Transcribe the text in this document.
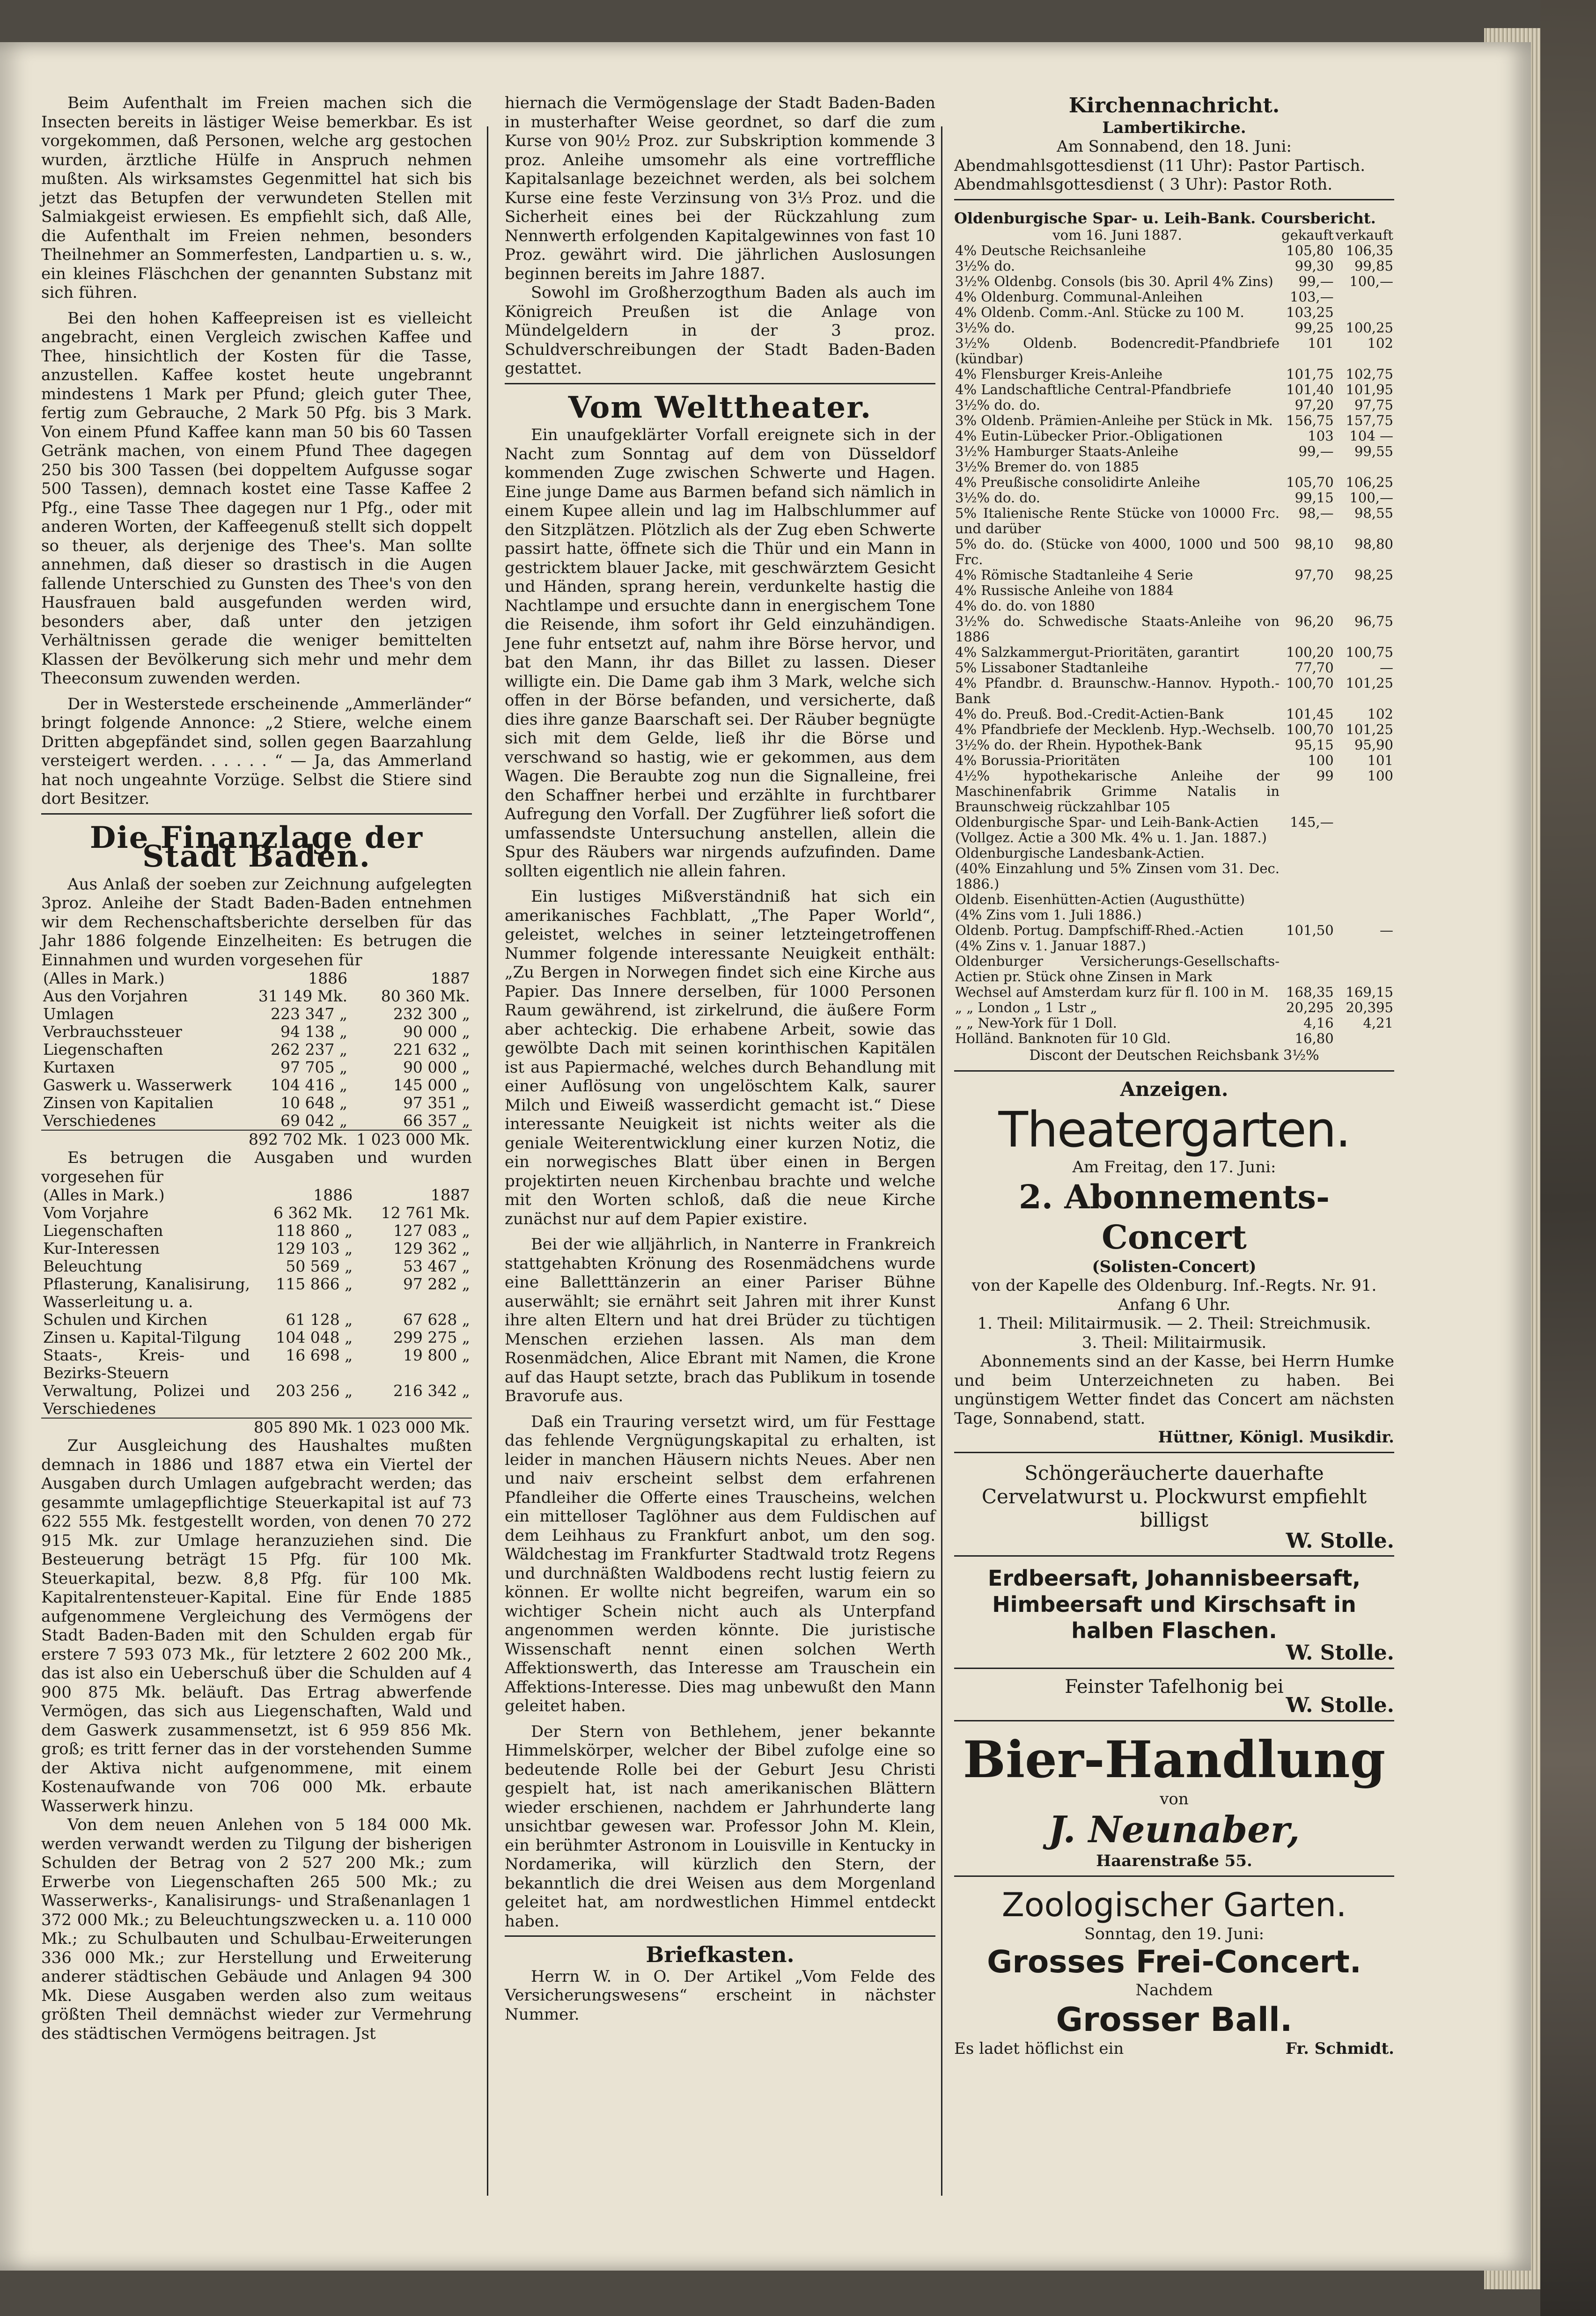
Beim Aufenthalt im Freien machen sich die Insecten bereits in lästiger Weise bemerkbar. Es ist vorgekommen, daß Personen, welche arg gestochen wurden, ärztliche Hülfe in Anspruch nehmen mußten. Als wirksamstes Gegenmittel hat sich bis jetzt das Betupfen der verwundeten Stellen mit Salmiakgeist erwiesen. Es empfiehlt sich, daß Alle, die Aufenthalt im Freien nehmen, besonders Theilnehmer an Sommerfesten, Landpartien u. s. w., ein kleines Fläschchen der genannten Substanz mit sich führen.

Bei den hohen Kaffeepreisen ist es vielleicht angebracht, einen Vergleich zwischen Kaffee und Thee, hinsichtlich der Kosten für die Tasse, anzustellen. Kaffee kostet heute ungebrannt mindestens 1 Mark per Pfund; gleich guter Thee, fertig zum Gebrauche, 2 Mark 50 Pfg. bis 3 Mark. Von einem Pfund Kaffee kann man 50 bis 60 Tassen Getränk machen, von einem Pfund Thee dagegen 250 bis 300 Tassen (bei doppeltem Aufgusse sogar 500 Tassen), demnach kostet eine Tasse Kaffee 2 Pfg., eine Tasse Thee dagegen nur 1 Pfg., oder mit anderen Worten, der Kaffeegenuß stellt sich doppelt so theuer, als derjenige des Thee's. Man sollte annehmen, daß dieser so drastisch in die Augen fallende Unterschied zu Gunsten des Thee's von den Hausfrauen bald ausgefunden werden wird, besonders aber, daß unter den jetzigen Verhältnissen gerade die weniger bemittelten Klassen der Bevölkerung sich mehr und mehr dem Theeconsum zuwenden werden.

Der in Westerstede erscheinende „Ammerländer“ bringt folgende Annonce: „2 Stiere, welche einem Dritten abgepfändet sind, sollen gegen Baarzahlung versteigert werden. . . . . . “ — Ja, das Ammerland hat noch ungeahnte Vorzüge. Selbst die Stiere sind dort Besitzer.

Die Finanzlage der Stadt Baden.

Aus Anlaß der soeben zur Zeichnung aufgelegten 3proz. Anleihe der Stadt Baden-Baden entnehmen wir dem Rechenschaftsberichte derselben für das Jahr 1886 folgende Einzelheiten: Es betrugen die Einnahmen und wurden vorgesehen für

(Alles in Mark.)	1886	1887
Aus den Vorjahren	31 149 Mk.	80 360 Mk.
Umlagen	223 347 „	232 300 „
Verbrauchssteuer	94 138 „	90 000 „
Liegenschaften	262 237 „	221 632 „
Kurtaxen	97 705 „	90 000 „
Gaswerk u. Wasserwerk	104 416 „	145 000 „
Zinsen von Kapitalien	10 648 „	97 351 „
Verschiedenes	69 042 „	66 357 „
	892 702 Mk.	1 023 000 Mk.

Es betrugen die Ausgaben und wurden vorgesehen für

(Alles in Mark.)	1886	1887
Vom Vorjahre	6 362 Mk.	12 761 Mk.
Liegenschaften	118 860 „	127 083 „
Kur-Interessen	129 103 „	129 362 „
Beleuchtung	50 569 „	53 467 „
Pflasterung, Kanalisirung, Wasserleitung u. a.	115 866 „	97 282 „
Schulen und Kirchen	61 128 „	67 628 „
Zinsen u. Kapital-Tilgung	104 048 „	299 275 „
Staats-, Kreis- und Bezirks-Steuern	16 698 „	19 800 „
Verwaltung, Polizei und Verschiedenes	203 256 „	216 342 „
	805 890 Mk.	1 023 000 Mk.

Zur Ausgleichung des Haushaltes mußten demnach in 1886 und 1887 etwa ein Viertel der Ausgaben durch Umlagen aufgebracht werden; das gesammte umlagepflichtige Steuerkapital ist auf 73 622 555 Mk. festgestellt worden, von denen 70 272 915 Mk. zur Umlage heranzuziehen sind. Die Besteuerung beträgt 15 Pfg. für 100 Mk. Steuerkapital, bezw. 8,8 Pfg. für 100 Mk. Kapitalrentensteuer-Kapital. Eine für Ende 1885 aufgenommene Vergleichung des Vermögens der Stadt Baden-Baden mit den Schulden ergab für erstere 7 593 073 Mk., für letztere 2 602 200 Mk., das ist also ein Ueberschuß über die Schulden auf 4 900 875 Mk. beläuft. Das Ertrag abwerfende Vermögen, das sich aus Liegenschaften, Wald und dem Gaswerk zusammensetzt, ist 6 959 856 Mk. groß; es tritt ferner das in der vorstehenden Summe der Aktiva nicht aufgenommene, mit einem Kostenaufwande von 706 000 Mk. erbaute Wasserwerk hinzu.

Von dem neuen Anlehen von 5 184 000 Mk. werden verwandt werden zu Tilgung der bisherigen Schulden der Betrag von 2 527 200 Mk.; zum Erwerbe von Liegenschaften 265 500 Mk.; zu Wasserwerks-, Kanalisirungs- und Straßenanlagen 1 372 000 Mk.; zu Beleuchtungszwecken u. a. 110 000 Mk.; zu Schulbauten und Schulbau-Erweiterungen 336 000 Mk.; zur Herstellung und Erweiterung anderer städtischen Gebäude und Anlagen 94 300 Mk. Diese Ausgaben werden also zum weitaus größten Theil demnächst wieder zur Vermehrung des städtischen Vermögens beitragen. Jst

hiernach die Vermögenslage der Stadt Baden-Baden in musterhafter Weise geordnet, so darf die zum Kurse von 90½ Proz. zur Subskription kommende 3 proz. Anleihe umsomehr als eine vortreffliche Kapitalsanlage bezeichnet werden, als bei solchem Kurse eine feste Verzinsung von 3⅓ Proz. und die Sicherheit eines bei der Rückzahlung zum Nennwerth erfolgenden Kapitalgewinnes von fast 10 Proz. gewährt wird. Die jährlichen Auslosungen beginnen bereits im Jahre 1887.

Sowohl im Großherzogthum Baden als auch im Königreich Preußen ist die Anlage von Mündelgeldern in der 3 proz. Schuldverschreibungen der Stadt Baden-Baden gestattet.

Vom Welttheater.

Ein unaufgeklärter Vorfall ereignete sich in der Nacht zum Sonntag auf dem von Düsseldorf kommenden Zuge zwischen Schwerte und Hagen. Eine junge Dame aus Barmen befand sich nämlich in einem Kupee allein und lag im Halbschlummer auf den Sitzplätzen. Plötzlich als der Zug eben Schwerte passirt hatte, öffnete sich die Thür und ein Mann in gestricktem blauer Jacke, mit geschwärztem Gesicht und Händen, sprang herein, verdunkelte hastig die Nachtlampe und ersuchte dann in energischem Tone die Reisende, ihm sofort ihr Geld einzuhändigen. Jene fuhr entsetzt auf, nahm ihre Börse hervor, und bat den Mann, ihr das Billet zu lassen. Dieser willigte ein. Die Dame gab ihm 3 Mark, welche sich offen in der Börse befanden, und versicherte, daß dies ihre ganze Baarschaft sei. Der Räuber begnügte sich mit dem Gelde, ließ ihr die Börse und verschwand so hastig, wie er gekommen, aus dem Wagen. Die Beraubte zog nun die Signalleine, frei den Schaffner herbei und erzählte in furchtbarer Aufregung den Vorfall. Der Zugführer ließ sofort die umfassendste Untersuchung anstellen, allein die Spur des Räubers war nirgends aufzufinden. Dame sollten eigentlich nie allein fahren.

Ein lustiges Mißverständniß hat sich ein amerikanisches Fachblatt, „The Paper World“, geleistet, welches in seiner letzteingetroffenen Nummer folgende interessante Neuigkeit enthält: „Zu Bergen in Norwegen findet sich eine Kirche aus Papier. Das Innere derselben, für 1000 Personen Raum gewährend, ist zirkelrund, die äußere Form aber achteckig. Die erhabene Arbeit, sowie das gewölbte Dach mit seinen korinthischen Kapitälen ist aus Papiermaché, welches durch Behandlung mit einer Auflösung von ungelöschtem Kalk, saurer Milch und Eiweiß wasserdicht gemacht ist.“ Diese interessante Neuigkeit ist nichts weiter als die geniale Weiterentwicklung einer kurzen Notiz, die ein norwegisches Blatt über einen in Bergen projektirten neuen Kirchenbau brachte und welche mit den Worten schloß, daß die neue Kirche zunächst nur auf dem Papier existire.

Bei der wie alljährlich, in Nanterre in Frankreich stattgehabten Krönung des Rosenmädchens wurde eine Balletttänzerin an einer Pariser Bühne auserwählt; sie ernährt seit Jahren mit ihrer Kunst ihre alten Eltern und hat drei Brüder zu tüchtigen Menschen erziehen lassen. Als man dem Rosenmädchen, Alice Ebrant mit Namen, die Krone auf das Haupt setzte, brach das Publikum in tosende Bravorufe aus.

Daß ein Trauring versetzt wird, um für Festtage das fehlende Vergnügungskapital zu erhalten, ist leider in manchen Häusern nichts Neues. Aber nen und naiv erscheint selbst dem erfahrenen Pfandleiher die Offerte eines Trauscheins, welchen ein mittelloser Taglöhner aus dem Fuldischen auf dem Leihhaus zu Frankfurt anbot, um den sog. Wäldchestag im Frankfurter Stadtwald trotz Regens und durchnäßten Waldbodens recht lustig feiern zu können. Er wollte nicht begreifen, warum ein so wichtiger Schein nicht auch als Unterpfand angenommen werden könnte. Die juristische Wissenschaft nennt einen solchen Werth Affektionswerth, das Interesse am Trauschein ein Affektions-Interesse. Dies mag unbewußt den Mann geleitet haben.

Der Stern von Bethlehem, jener bekannte Himmelskörper, welcher der Bibel zufolge eine so bedeutende Rolle bei der Geburt Jesu Christi gespielt hat, ist nach amerikanischen Blättern wieder erschienen, nachdem er Jahrhunderte lang unsichtbar gewesen war. Professor John M. Klein, ein berühmter Astronom in Louisville in Kentucky in Nordamerika, will kürzlich den Stern, der bekanntlich die drei Weisen aus dem Morgenland geleitet hat, am nordwestlichen Himmel entdeckt haben.

Briefkasten.

Herrn W. in O. Der Artikel „Vom Felde des Versicherungswesens“ erscheint in nächster Nummer.

Kirchennachricht.
Lambertikirche.
Am Sonnabend, den 18. Juni:
Abendmahlsgottesdienst (11 Uhr): Pastor Partisch.
Abendmahlsgottesdienst ( 3 Uhr): Pastor Roth.
Oldenburgische Spar- u. Leih-Bank. Coursbericht.
vom 16. Juni 1887.	gekauft	verkauft
4% Deutsche Reichsanleihe	105,80	106,35
3½% do.	99,30	99,85
3½% Oldenbg. Consols (bis 30. April 4% Zins)	99,—	100,—
4% Oldenburg. Communal-Anleihen	103,—	
4% Oldenb. Comm.-Anl. Stücke zu 100 M.	103,25	
3½% do.	99,25	100,25
3½% Oldenb. Bodencredit-Pfandbriefe (kündbar)	101	102
4% Flensburger Kreis-Anleihe	101,75	102,75
4% Landschaftliche Central-Pfandbriefe	101,40	101,95
3½% do. do.	97,20	97,75
3% Oldenb. Prämien-Anleihe per Stück in Mk.	156,75	157,75
4% Eutin-Lübecker Prior.-Obligationen	103	104 —
3½% Hamburger Staats-Anleihe	99,—	99,55
3½% Bremer do. von 1885		
4% Preußische consolidirte Anleihe	105,70	106,25
3½% do. do.	99,15	100,—
5% Italienische Rente Stücke von 10000 Frc. und darüber	98,—	98,55
5% do. do. (Stücke von 4000, 1000 und 500 Frc.	98,10	98,80
4% Römische Stadtanleihe 4 Serie	97,70	98,25
4% Russische Anleihe von 1884		
4% do. do. von 1880		
3½% do. Schwedische Staats-Anleihe von 1886	96,20	96,75
4% Salzkammergut-Prioritäten, garantirt	100,20	100,75
5% Lissaboner Stadtanleihe	77,70	—
4% Pfandbr. d. Braunschw.-Hannov. Hypoth.-Bank	100,70	101,25
4% do. Preuß. Bod.-Credit-Actien-Bank	101,45	102
4% Pfandbriefe der Mecklenb. Hyp.-Wechselb.	100,70	101,25
3½% do. der Rhein. Hypothek-Bank	95,15	95,90
4% Borussia-Prioritäten	100	101
4½% hypothekarische Anleihe der Maschinenfabrik Grimme Natalis in Braunschweig rückzahlbar 105	99	100
Oldenburgische Spar- und Leih-Bank-Actien	145,—	
(Vollgez. Actie a 300 Mk. 4% u. 1. Jan. 1887.)		
Oldenburgische Landesbank-Actien.		
(40% Einzahlung und 5% Zinsen vom 31. Dec. 1886.)		
Oldenb. Eisenhütten-Actien (Augusthütte)		
(4% Zins vom 1. Juli 1886.)		
Oldenb. Portug. Dampfschiff-Rhed.-Actien	101,50	—
(4% Zins v. 1. Januar 1887.)		
Oldenburger Versicherungs-Gesellschafts-Actien pr. Stück ohne Zinsen in Mark		
Wechsel auf Amsterdam kurz für fl. 100 in M.	168,35	169,15
„ „ London „ 1 Lstr „	20,295	20,395
„ „ New-York für 1 Doll.	4,16	4,21
Holländ. Banknoten für 10 Gld.	16,80	
Discont der Deutschen Reichsbank 3½%
Anzeigen.
Theatergarten.
Am Freitag, den 17. Juni:
2. Abonnements-Concert
(Solisten-Concert)
von der Kapelle des Oldenburg. Inf.-Regts. Nr. 91.
Anfang 6 Uhr.
1. Theil: Militairmusik. — 2. Theil: Streichmusik.
3. Theil: Militairmusik.

Abonnements sind an der Kasse, bei Herrn Humke und beim Unterzeichneten zu haben. Bei ungünstigem Wetter findet das Concert am nächsten Tage, Sonnabend, statt.

Hüttner, Königl. Musikdir.
Schöngeräucherte dauerhafte Cervelatwurst u. Plockwurst empfiehlt billigst
W. Stolle.
Erdbeersaft, Johannisbeersaft, Himbeersaft und Kirschsaft in halben Flaschen.
W. Stolle.
Feinster Tafelhonig bei
W. Stolle.
Bier-Handlung
von
J. Neunaber,
Haarenstraße 55.
Zoologischer Garten.
Sonntag, den 19. Juni:
Grosses Frei-Concert.
Nachdem
Grosser Ball.
Es ladet höflichst ein	Fr. Schmidt.
